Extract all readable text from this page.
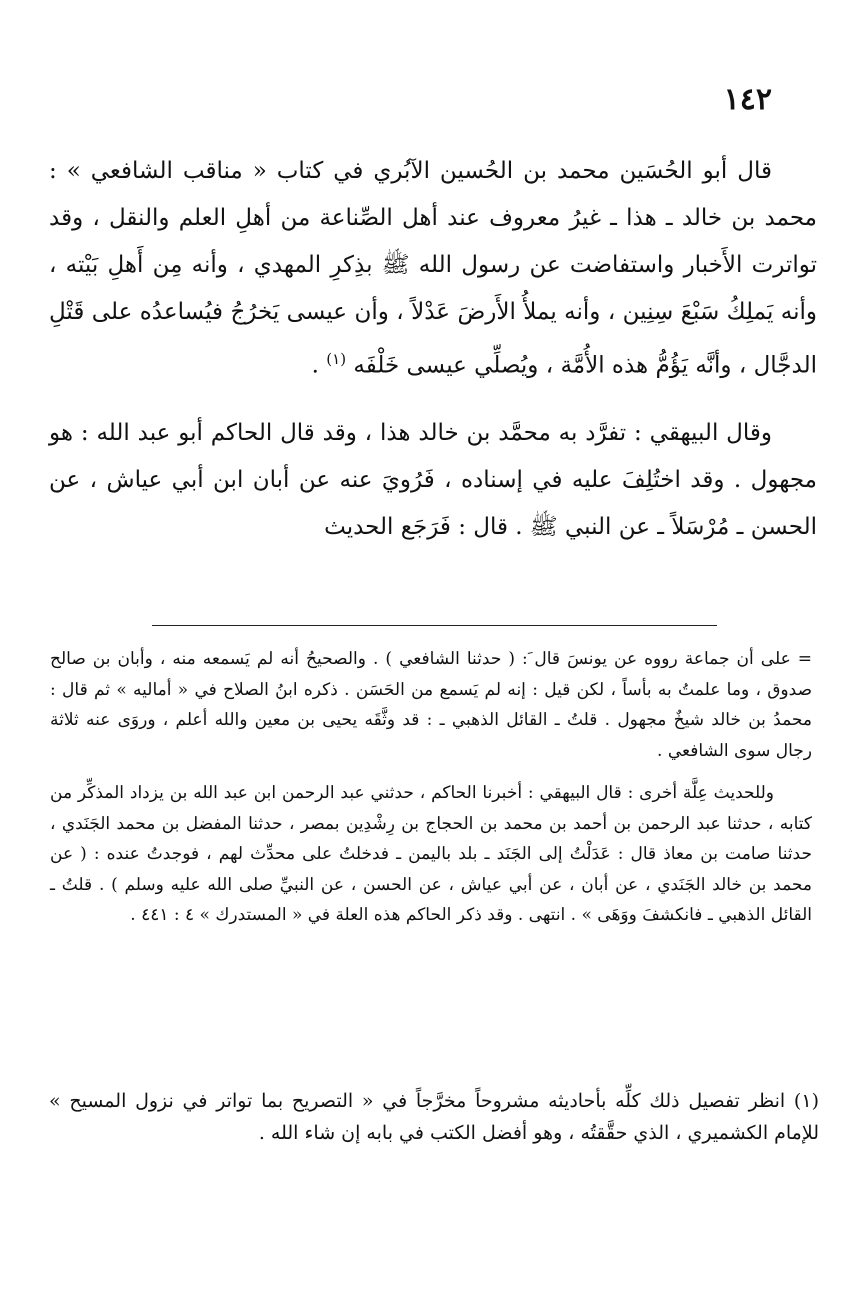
١٤٢

قال أبو الحُسَين محمد بن الحُسين الآبُري في كتاب « مناقب الشافعي » : محمد بن خالد ـ هذا ـ غيرُ معروف عند أهل الصِّناعة من أهلِ العلم والنقل ، وقد تواترت الأَخبار واستفاضت عن رسول الله ﷺ بذِكرِ المهدي ، وأنه مِن أَهلِ بَيْته ، وأنه يَملِكُ سَبْعَ سِنِين ، وأنه يملأُ الأَرضَ عَدْلاً ، وأن عيسى يَخرُجُ فيُساعدُه على قَتْلِ الدجَّال ، وأنَّه يَؤُمُّ هذه الأُمَّة ، ويُصلِّي عيسى خَلْفَه $^{(١)}$ .

وقال البيهقي : تفرَّد به محمَّد بن خالد هذا ، وقد قال الحاكم أبو عبد الله : هو مجهول . وقد اختُلِفَ عليه في إسناده ، فَرُويَ عنه عن أبان ابن أبي عياش ، عن الحسن ـ مُرْسَلاً ـ عن النبي ﷺ . قال : فَرَجَع الحديث

= على أن جماعة رووه عن يونسَ قال َ: ( حدثنا الشافعي ) . والصحيحُ أنه لم يَسمعه منه ، وأبان بن صالح صدوق ، وما علمتُ به بأساً ، لكن قيل : إنه لم يَسمع من الحَسَن . ذكره ابنُ الصلاح في « أماليه » ثم قال : محمدُ بن خالد شيخٌ مجهول . قلتُ ـ القائل الذهبي ـ : قد وثَّقَه يحيى بن معين والله أعلم ، وروَى عنه ثلاثة رجال سوى الشافعي .

وللحديث عِلَّة أخرى : قال البيهقي : أخبرنا الحاكم ، حدثني عبد الرحمن ابن عبد الله بن يزداد المذكِّر من كتابه ، حدثنا عبد الرحمن بن أحمد بن محمد بن الحجاج بن رِشْدِين بمصر ، حدثنا المفضل بن محمد الجَنَدي ، حدثنا صامت بن معاذ قال : عَدَلْتُ إلى الجَنَد ـ بلد باليمن ـ فدخلتُ على محدِّث لهم ، فوجدتُ عنده : ( عن محمد بن خالد الجَنَدي ، عن أبان ، عن أبي عياش ، عن الحسن ، عن النبيِّ صلى الله عليه وسلم ) . قلتُ ـ القائل الذهبي ـ فانكشفَ ووَهَى » . انتهى . وقد ذكر الحاكم هذه العلة في « المستدرك » ٤ : ٤٤١ .

(١) انظر تفصيل ذلك كلِّه بأحاديثه مشروحاً مخرَّجاً في « التصريح بما تواتر في نزول المسيح » للإمام الكشميري ، الذي حقَّقتُه ، وهو أفضل الكتب في بابه إن شاء الله .
